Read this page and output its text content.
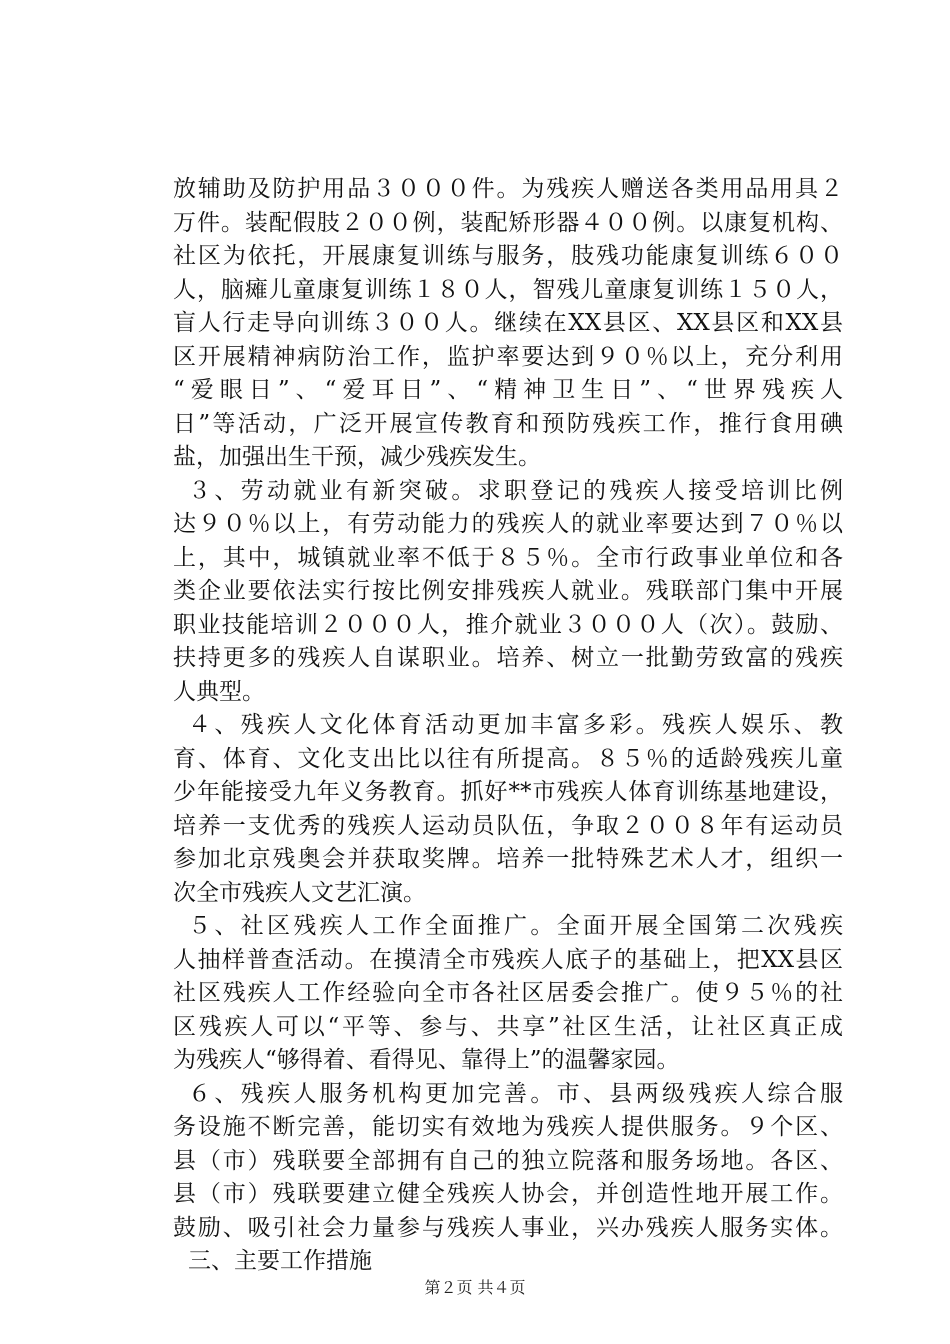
放辅助及防护用品３０００件。为残疾人赠送各类用品用具２
万件。装配假肢２００例，装配矫形器４００例。以康复机构、
社区为依托，开展康复训练与服务，肢残功能康复训练６００
人，脑瘫儿童康复训练１８０人，智残儿童康复训练１５０人，
盲人行走导向训练３００人。继续在XX县区、XX县区和XX县
区开展精神病防治工作，监护率要达到９０％以上，充分利用
“爱眼日”、“爱耳日”、“精神卫生日”、“世界残疾人
日”等活动，广泛开展宣传教育和预防残疾工作，推行食用碘
盐，加强出生干预，减少残疾发生。
３、劳动就业有新突破。求职登记的残疾人接受培训比例
达９０％以上，有劳动能力的残疾人的就业率要达到７０％以
上，其中，城镇就业率不低于８５％。全市行政事业单位和各
类企业要依法实行按比例安排残疾人就业。残联部门集中开展
职业技能培训２０００人，推介就业３０００人（次）。鼓励、
扶持更多的残疾人自谋职业。培养、树立一批勤劳致富的残疾
人典型。
４、残疾人文化体育活动更加丰富多彩。残疾人娱乐、教
育、体育、文化支出比以往有所提高。８５％的适龄残疾儿童
少年能接受九年义务教育。抓好**市残疾人体育训练基地建设，
培养一支优秀的残疾人运动员队伍，争取２００８年有运动员
参加北京残奥会并获取奖牌。培养一批特殊艺术人才，组织一
次全市残疾人文艺汇演。
５、社区残疾人工作全面推广。全面开展全国第二次残疾
人抽样普查活动。在摸清全市残疾人底子的基础上，把XX县区
社区残疾人工作经验向全市各社区居委会推广。使９５％的社
区残疾人可以“平等、参与、共享”社区生活，让社区真正成
为残疾人“够得着、看得见、靠得上”的温馨家园。
６、残疾人服务机构更加完善。市、县两级残疾人综合服
务设施不断完善，能切实有效地为残疾人提供服务。９个区、
县（市）残联要全部拥有自己的独立院落和服务场地。各区、
县（市）残联要建立健全残疾人协会，并创造性地开展工作。
鼓励、吸引社会力量参与残疾人事业，兴办残疾人服务实体。
三、主要工作措施
第２页 共４页
